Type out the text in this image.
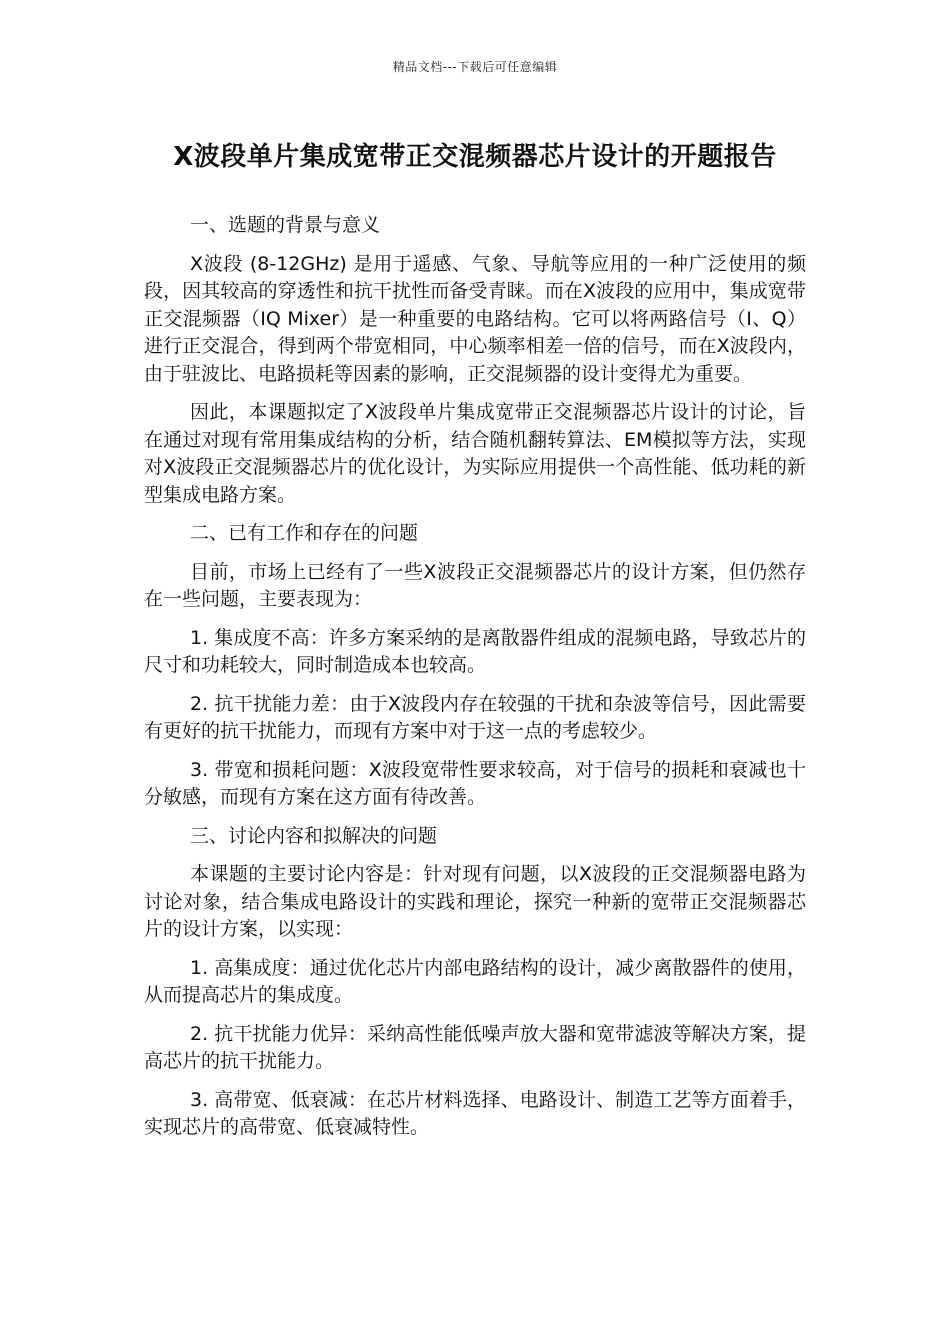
精品文档---下载后可任意编辑
X波段单片集成宽带正交混频器芯片设计的开题报告
一、选题的背景与意义

X波段 (8-12GHz) 是用于遥感、气象、导航等应用的一种广泛使用的频段，因其较高的穿透性和抗干扰性而备受青睐。而在X波段的应用中，集成宽带正交混频器（IQ Mixer）是一种重要的电路结构。它可以将两路信号（I、Q）进行正交混合，得到两个带宽相同，中心频率相差一倍的信号，而在X波段内，由于驻波比、电路损耗等因素的影响，正交混频器的设计变得尤为重要。

因此，本课题拟定了X波段单片集成宽带正交混频器芯片设计的讨论，旨在通过对现有常用集成结构的分析，结合随机翻转算法、EM模拟等方法，实现对X波段正交混频器芯片的优化设计，为实际应用提供一个高性能、低功耗的新型集成电路方案。

二、已有工作和存在的问题

目前，市场上已经有了一些X波段正交混频器芯片的设计方案，但仍然存在一些问题，主要表现为：

1. 集成度不高：许多方案采纳的是离散器件组成的混频电路，导致芯片的尺寸和功耗较大，同时制造成本也较高。

2. 抗干扰能力差：由于X波段内存在较强的干扰和杂波等信号，因此需要有更好的抗干扰能力，而现有方案中对于这一点的考虑较少。

3. 带宽和损耗问题：X波段宽带性要求较高，对于信号的损耗和衰减也十分敏感，而现有方案在这方面有待改善。

三、讨论内容和拟解决的问题

本课题的主要讨论内容是：针对现有问题，以X波段的正交混频器电路为讨论对象，结合集成电路设计的实践和理论，探究一种新的宽带正交混频器芯片的设计方案，以实现：

1. 高集成度：通过优化芯片内部电路结构的设计，减少离散器件的使用，从而提高芯片的集成度。

2. 抗干扰能力优异：采纳高性能低噪声放大器和宽带滤波等解决方案，提高芯片的抗干扰能力。

3. 高带宽、低衰减：在芯片材料选择、电路设计、制造工艺等方面着手，实现芯片的高带宽、低衰减特性。
